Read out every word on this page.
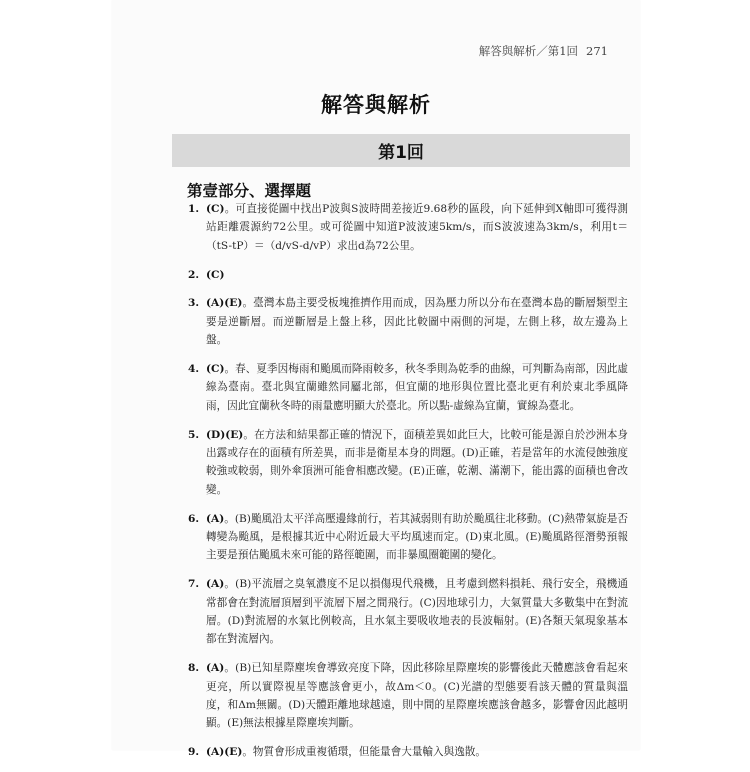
解答與解析／第1回 271
解答與解析
第1回
第壹部分、選擇題
1. (C)。可直接從圖中找出P波與S波時間差接近9.68秒的區段，向下延伸到X軸即可獲得測站距離震源約72公里。或可從圖中知道P波波速5km/s，而S波波速為3km/s，利用t＝（tS-tP）＝（d/vS-d/vP）求出d為72公里。
2. (C)
3. (A)(E)。臺灣本島主要受板塊推擠作用而成，因為壓力所以分布在臺灣本島的斷層類型主要是逆斷層。而逆斷層是上盤上移，因此比較圖中兩側的河堤，左側上移，故左邊為上盤。
4. (C)。春、夏季因梅雨和颱風而降雨較多，秋冬季則為乾季的曲線，可判斷為南部，因此虛線為臺南。臺北與宜蘭雖然同屬北部，但宜蘭的地形與位置比臺北更有利於東北季風降雨，因此宜蘭秋冬時的雨量應明顯大於臺北。所以點-虛線為宜蘭，實線為臺北。
5. (D)(E)。在方法和結果都正確的情況下，面積差異如此巨大，比較可能是源自於沙洲本身出露或存在的面積有所差異，而非是衛星本身的問題。(D)正確，若是當年的水流侵蝕強度較強或較弱，則外傘頂洲可能會相應改變。(E)正確，乾潮、滿潮下，能出露的面積也會改變。
6. (A)。(B)颱風沿太平洋高壓邊緣前行，若其減弱則有助於颱風往北移動。(C)熱帶氣旋是否轉變為颱風，是根據其近中心附近最大平均風速而定。(D)東北風。(E)颱風路徑潛勢預報主要是預估颱風未來可能的路徑範圍，而非暴風圈範圍的變化。
7. (A)。(B)平流層之臭氧濃度不足以損傷現代飛機，且考慮到燃料損耗、飛行安全，飛機通常都會在對流層頂層到平流層下層之間飛行。(C)因地球引力，大氣質量大多數集中在對流層。(D)對流層的水氣比例較高，且水氣主要吸收地表的長波輻射。(E)各類天氣現象基本都在對流層內。
8. (A)。(B)已知星際塵埃會導致亮度下降，因此移除星際塵埃的影響後此天體應該會看起來更亮，所以實際視星等應該會更小，故Δm＜0。(C)光譜的型態要看該天體的質量與溫度，和Δm無關。(D)天體距離地球越遠，則中間的星際塵埃應該會越多，影響會因此越明顯。(E)無法根據星際塵埃判斷。
9. (A)(E)。物質會形成重複循環，但能量會大量輸入與逸散。
